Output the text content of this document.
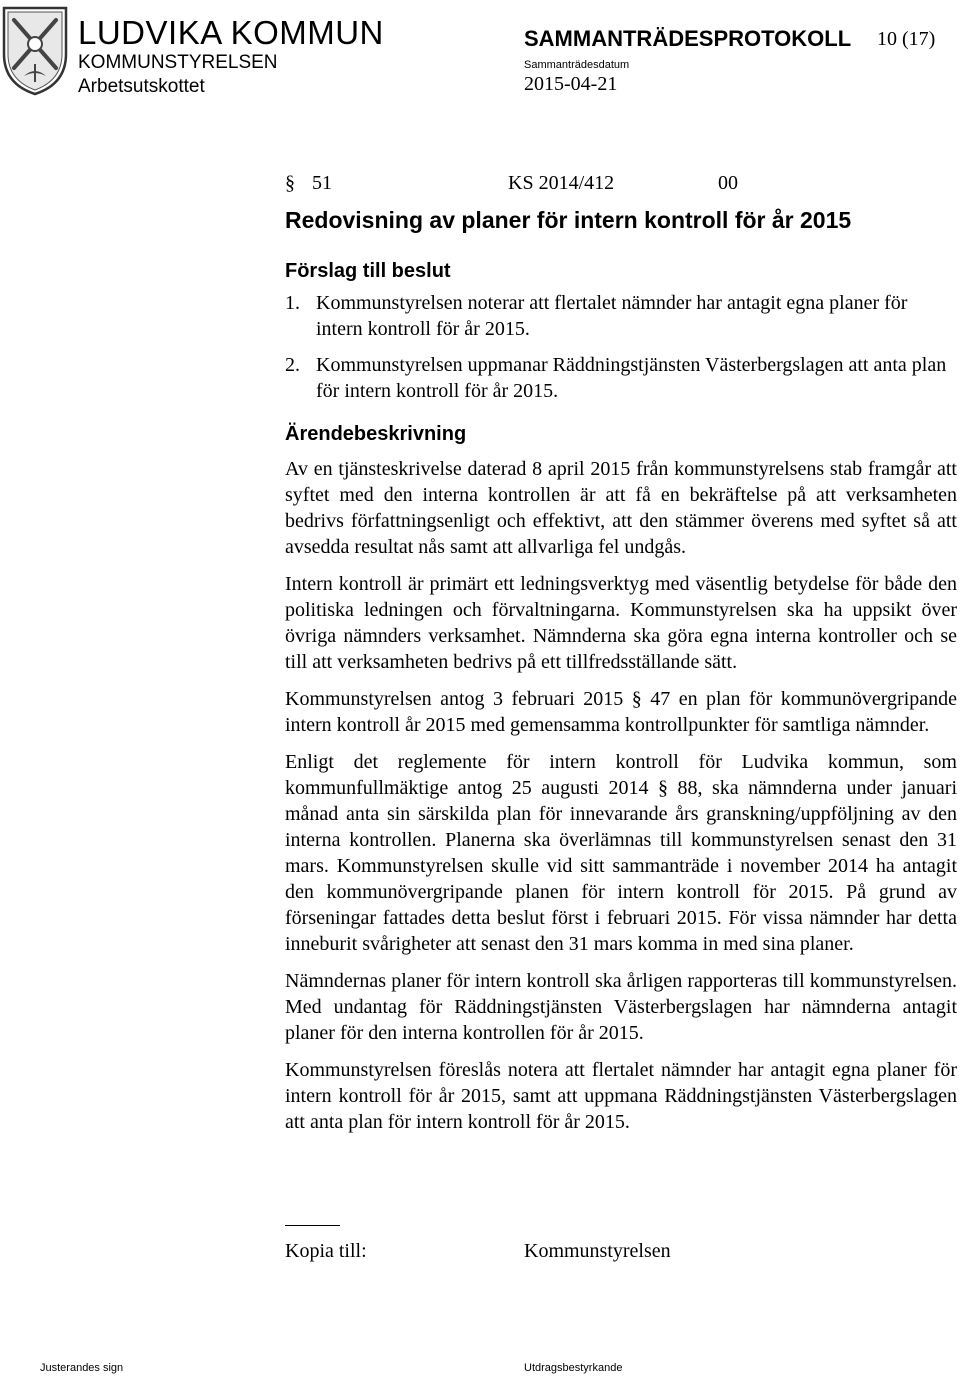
LUDVIKA KOMMUN
KOMMUNSTYRELSEN
Arbetsutskottet
SAMMANTRÄDESPROTOKOLL 10 (17)
Sammanträdesdatum
2015-04-21
§ 51	KS 2014/412	00
Redovisning av planer för intern kontroll för år 2015
Förslag till beslut
1. Kommunstyrelsen noterar att flertalet nämnder har antagit egna planer för intern kontroll för år 2015.
2. Kommunstyrelsen uppmanar Räddningstjänsten Västerbergslagen att anta plan för intern kontroll för år 2015.
Ärendebeskrivning

Av en tjänsteskrivelse daterad 8 april 2015 från kommunstyrelsens stab framgår att syftet med den interna kontrollen är att få en bekräftelse på att verksamheten bedrivs författningsenligt och effektivt, att den stämmer överens med syftet så att avsedda resultat nås samt att allvarliga fel undgås.

Intern kontroll är primärt ett ledningsverktyg med väsentlig betydelse för både den politiska ledningen och förvaltningarna. Kommunstyrelsen ska ha uppsikt över övriga nämnders verksamhet. Nämnderna ska göra egna interna kontroller och se till att verksamheten bedrivs på ett tillfredsställande sätt.

Kommunstyrelsen antog 3 februari 2015 § 47 en plan för kommunövergripande intern kontroll år 2015 med gemensamma kontrollpunkter för samtliga nämnder.

Enligt det reglemente för intern kontroll för Ludvika kommun, som kommunfullmäktige antog 25 augusti 2014 § 88, ska nämnderna under januari månad anta sin särskilda plan för innevarande års granskning/uppföljning av den interna kontrollen. Planerna ska överlämnas till kommunstyrelsen senast den 31 mars. Kommunstyrelsen skulle vid sitt sammanträde i november 2014 ha antagit den kommunövergripande planen för intern kontroll för 2015. På grund av förseningar fattades detta beslut först i februari 2015. För vissa nämnder har detta inneburit svårigheter att senast den 31 mars komma in med sina planer.

Nämndernas planer för intern kontroll ska årligen rapporteras till kommunstyrelsen. Med undantag för Räddningstjänsten Västerbergslagen har nämnderna antagit planer för den interna kontrollen för år 2015.

Kommunstyrelsen föreslås notera att flertalet nämnder har antagit egna planer för intern kontroll för år 2015, samt att uppmana Räddningstjänsten Västerbergslagen att anta plan för intern kontroll för år 2015.

Kopia till:	Kommunstyrelsen
Justerandes sign	Utdragsbestyrkande
